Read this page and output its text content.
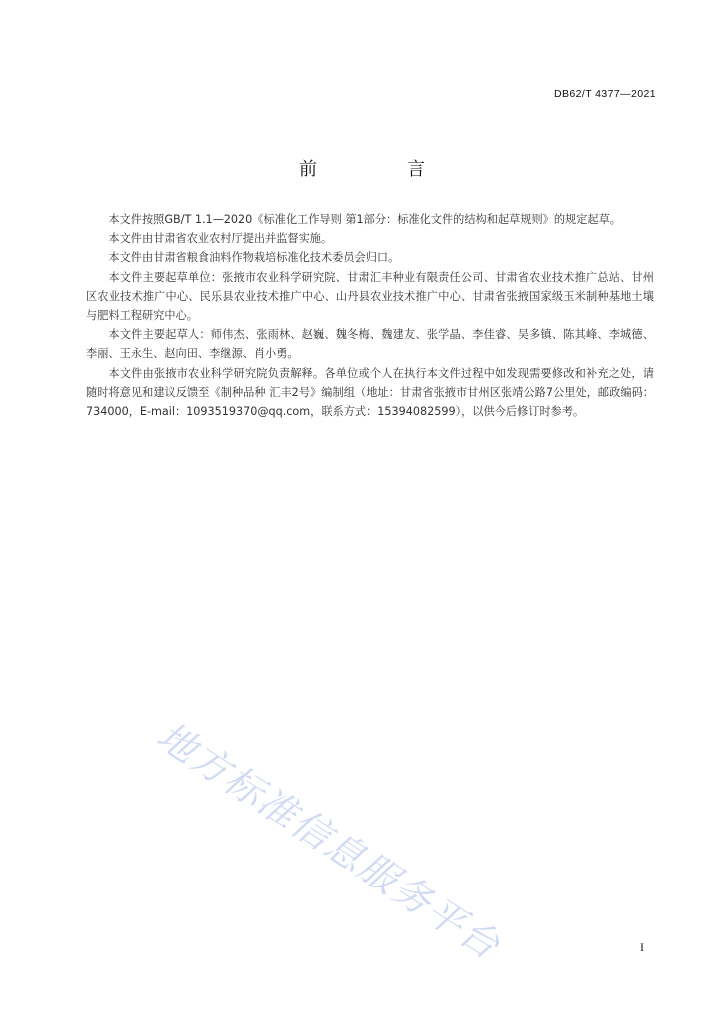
DB62/T 4377—2021
前　言

本文件按照GB/T 1.1—2020《标准化工作导则 第1部分：标准化文件的结构和起草规则》的规定起草。

本文件由甘肃省农业农村厅提出并监督实施。

本文件由甘肃省粮食油料作物栽培标准化技术委员会归口。

本文件主要起草单位：张掖市农业科学研究院、甘肃汇丰种业有限责任公司、甘肃省农业技术推广总站、甘州区农业技术推广中心、民乐县农业技术推广中心、山丹县农业技术推广中心、甘肃省张掖国家级玉米制种基地土壤与肥料工程研究中心。

本文件主要起草人：师伟杰、张雨林、赵巍、魏冬梅、魏建友、张学晶、李佳睿、吴多镇、陈其峰、李城德、李丽、王永生、赵向田、李继源、肖小勇。

本文件由张掖市农业科学研究院负责解释。各单位或个人在执行本文件过程中如发现需要修改和补充之处，请随时将意见和建议反馈至《制种品种 汇丰2号》编制组（地址：甘肃省张掖市甘州区张靖公路7公里处，邮政编码：734000，E-mail：1093519370@qq.com，联系方式：15394082599），以供今后修订时参考。

地方标准信息服务平台	I
